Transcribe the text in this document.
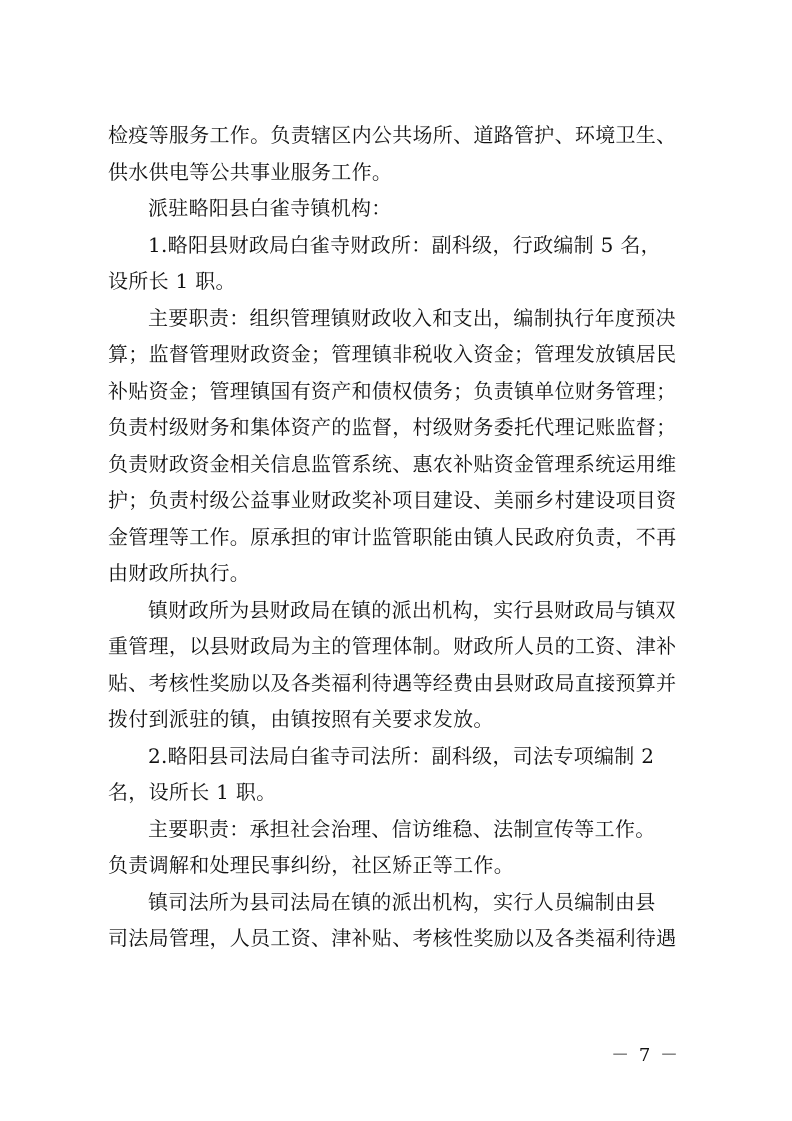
检疫等服务工作。负责辖区内公共场所、道路管护、环境卫生、
供水供电等公共事业服务工作。
派驻略阳县白雀寺镇机构：
1.略阳县财政局白雀寺财政所：副科级，行政编制 5 名，
设所长 1 职。
主要职责：组织管理镇财政收入和支出，编制执行年度预决
算；监督管理财政资金；管理镇非税收入资金；管理发放镇居民
补贴资金；管理镇国有资产和债权债务；负责镇单位财务管理；
负责村级财务和集体资产的监督，村级财务委托代理记账监督；
负责财政资金相关信息监管系统、惠农补贴资金管理系统运用维
护；负责村级公益事业财政奖补项目建设、美丽乡村建设项目资
金管理等工作。原承担的审计监管职能由镇人民政府负责，不再
由财政所执行。
镇财政所为县财政局在镇的派出机构，实行县财政局与镇双
重管理，以县财政局为主的管理体制。财政所人员的工资、津补
贴、考核性奖励以及各类福利待遇等经费由县财政局直接预算并
拨付到派驻的镇，由镇按照有关要求发放。
2.略阳县司法局白雀寺司法所：副科级，司法专项编制 2
名，设所长 1 职。
主要职责：承担社会治理、信访维稳、法制宣传等工作。
负责调解和处理民事纠纷，社区矫正等工作。
镇司法所为县司法局在镇的派出机构，实行人员编制由县
司法局管理，人员工资、津补贴、考核性奖励以及各类福利待遇
－ 7 －
